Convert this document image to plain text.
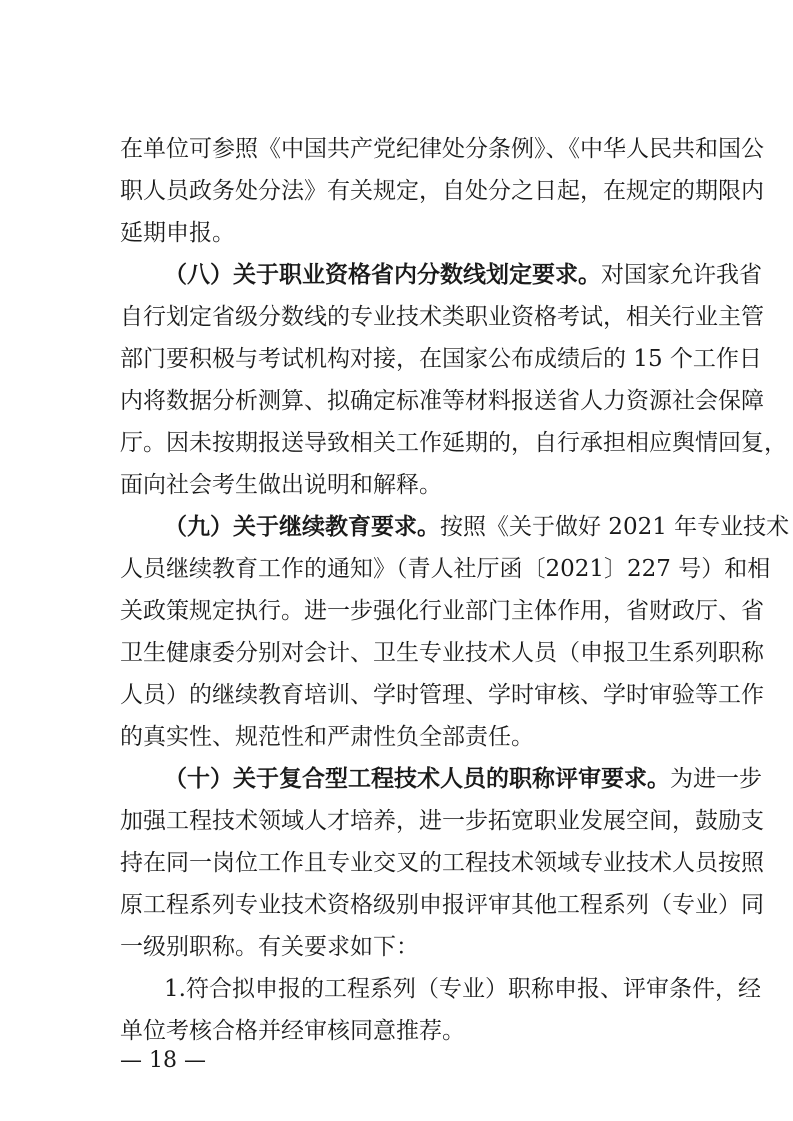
在单位可参照《中国共产党纪律处分条例》、《中华人民共和国公
职人员政务处分法》有关规定，自处分之日起，在规定的期限内
延期申报。
（八）关于职业资格省内分数线划定要求。对国家允许我省
自行划定省级分数线的专业技术类职业资格考试，相关行业主管
部门要积极与考试机构对接，在国家公布成绩后的 15 个工作日
内将数据分析测算、拟确定标准等材料报送省人力资源社会保障
厅。因未按期报送导致相关工作延期的，自行承担相应舆情回复，
面向社会考生做出说明和解释。
（九）关于继续教育要求。按照《关于做好 2021 年专业技术
人员继续教育工作的通知》（青人社厅函〔2021〕227 号）和相
关政策规定执行。进一步强化行业部门主体作用，省财政厅、省
卫生健康委分别对会计、卫生专业技术人员（申报卫生系列职称
人员）的继续教育培训、学时管理、学时审核、学时审验等工作
的真实性、规范性和严肃性负全部责任。
（十）关于复合型工程技术人员的职称评审要求。为进一步
加强工程技术领域人才培养，进一步拓宽职业发展空间，鼓励支
持在同一岗位工作且专业交叉的工程技术领域专业技术人员按照
原工程系列专业技术资格级别申报评审其他工程系列（专业）同
一级别职称。有关要求如下：
1.符合拟申报的工程系列（专业）职称申报、评审条件，经
单位考核合格并经审核同意推荐。
— 18 —
